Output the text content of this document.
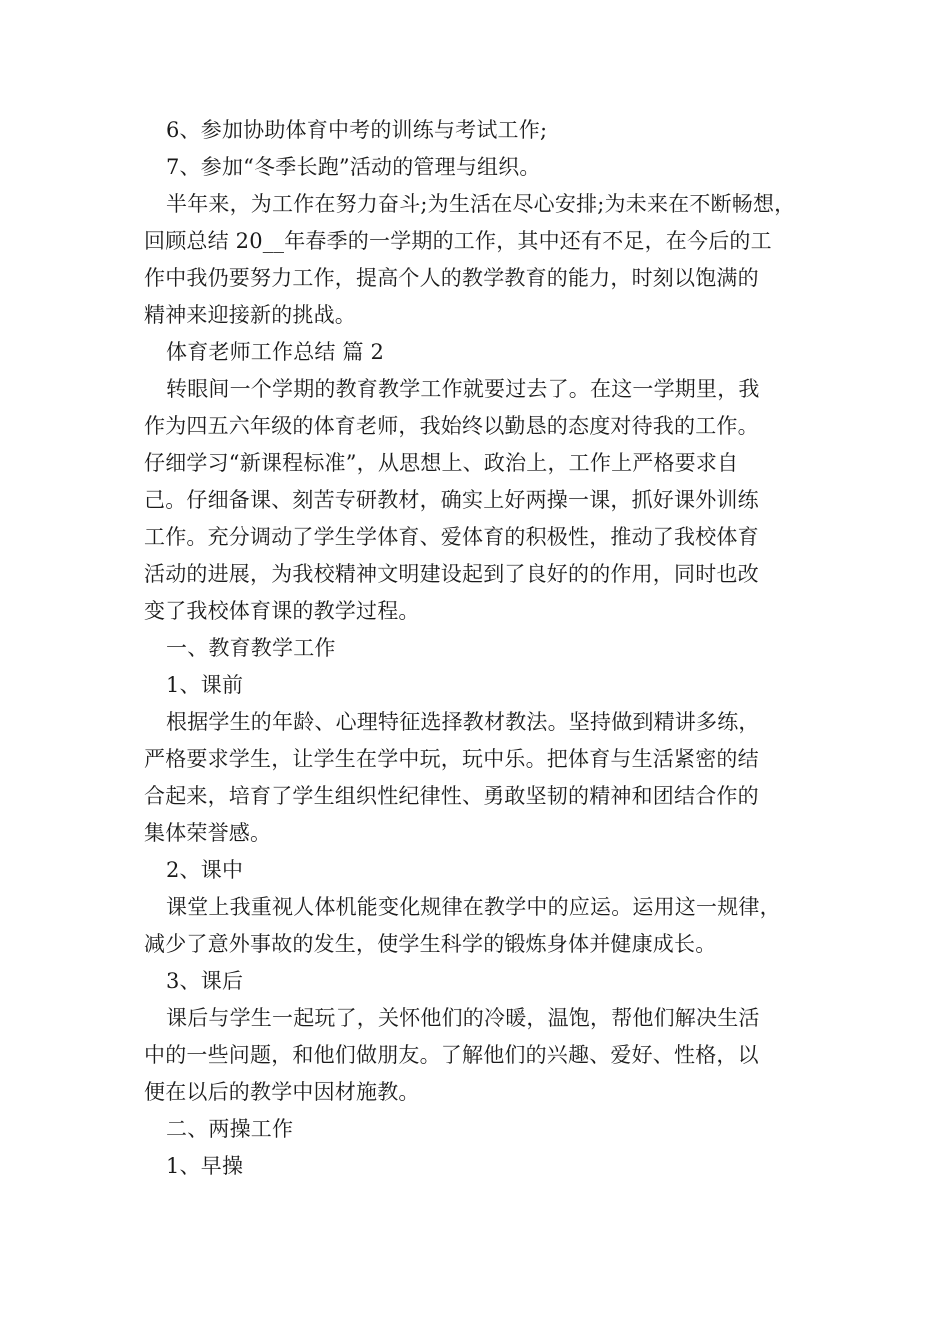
6、参加协助体育中考的训练与考试工作;
7、参加“冬季长跑”活动的管理与组织。
半年来，为工作在努力奋斗;为生活在尽心安排;为未来在不断畅想，
回顾总结 20__年春季的一学期的工作，其中还有不足，在今后的工
作中我仍要努力工作，提高个人的教学教育的能力，时刻以饱满的
精神来迎接新的挑战。
体育老师工作总结 篇 2
转眼间一个学期的教育教学工作就要过去了。在这一学期里，我
作为四五六年级的体育老师，我始终以勤恳的态度对待我的工作。
仔细学习“新课程标准”，从思想上、政治上，工作上严格要求自
己。仔细备课、刻苦专研教材，确实上好两操一课，抓好课外训练
工作。充分调动了学生学体育、爱体育的积极性，推动了我校体育
活动的进展，为我校精神文明建设起到了良好的的作用，同时也改
变了我校体育课的教学过程。
一、教育教学工作
1、课前
根据学生的年龄、心理特征选择教材教法。坚持做到精讲多练，
严格要求学生，让学生在学中玩，玩中乐。把体育与生活紧密的结
合起来，培育了学生组织性纪律性、勇敢坚韧的精神和团结合作的
集体荣誉感。
2、课中
课堂上我重视人体机能变化规律在教学中的应运。运用这一规律，
减少了意外事故的发生，使学生科学的锻炼身体并健康成长。
3、课后
课后与学生一起玩了，关怀他们的冷暖，温饱，帮他们解决生活
中的一些问题，和他们做朋友。了解他们的兴趣、爱好、性格，以
便在以后的教学中因材施教。
二、两操工作
1、早操
